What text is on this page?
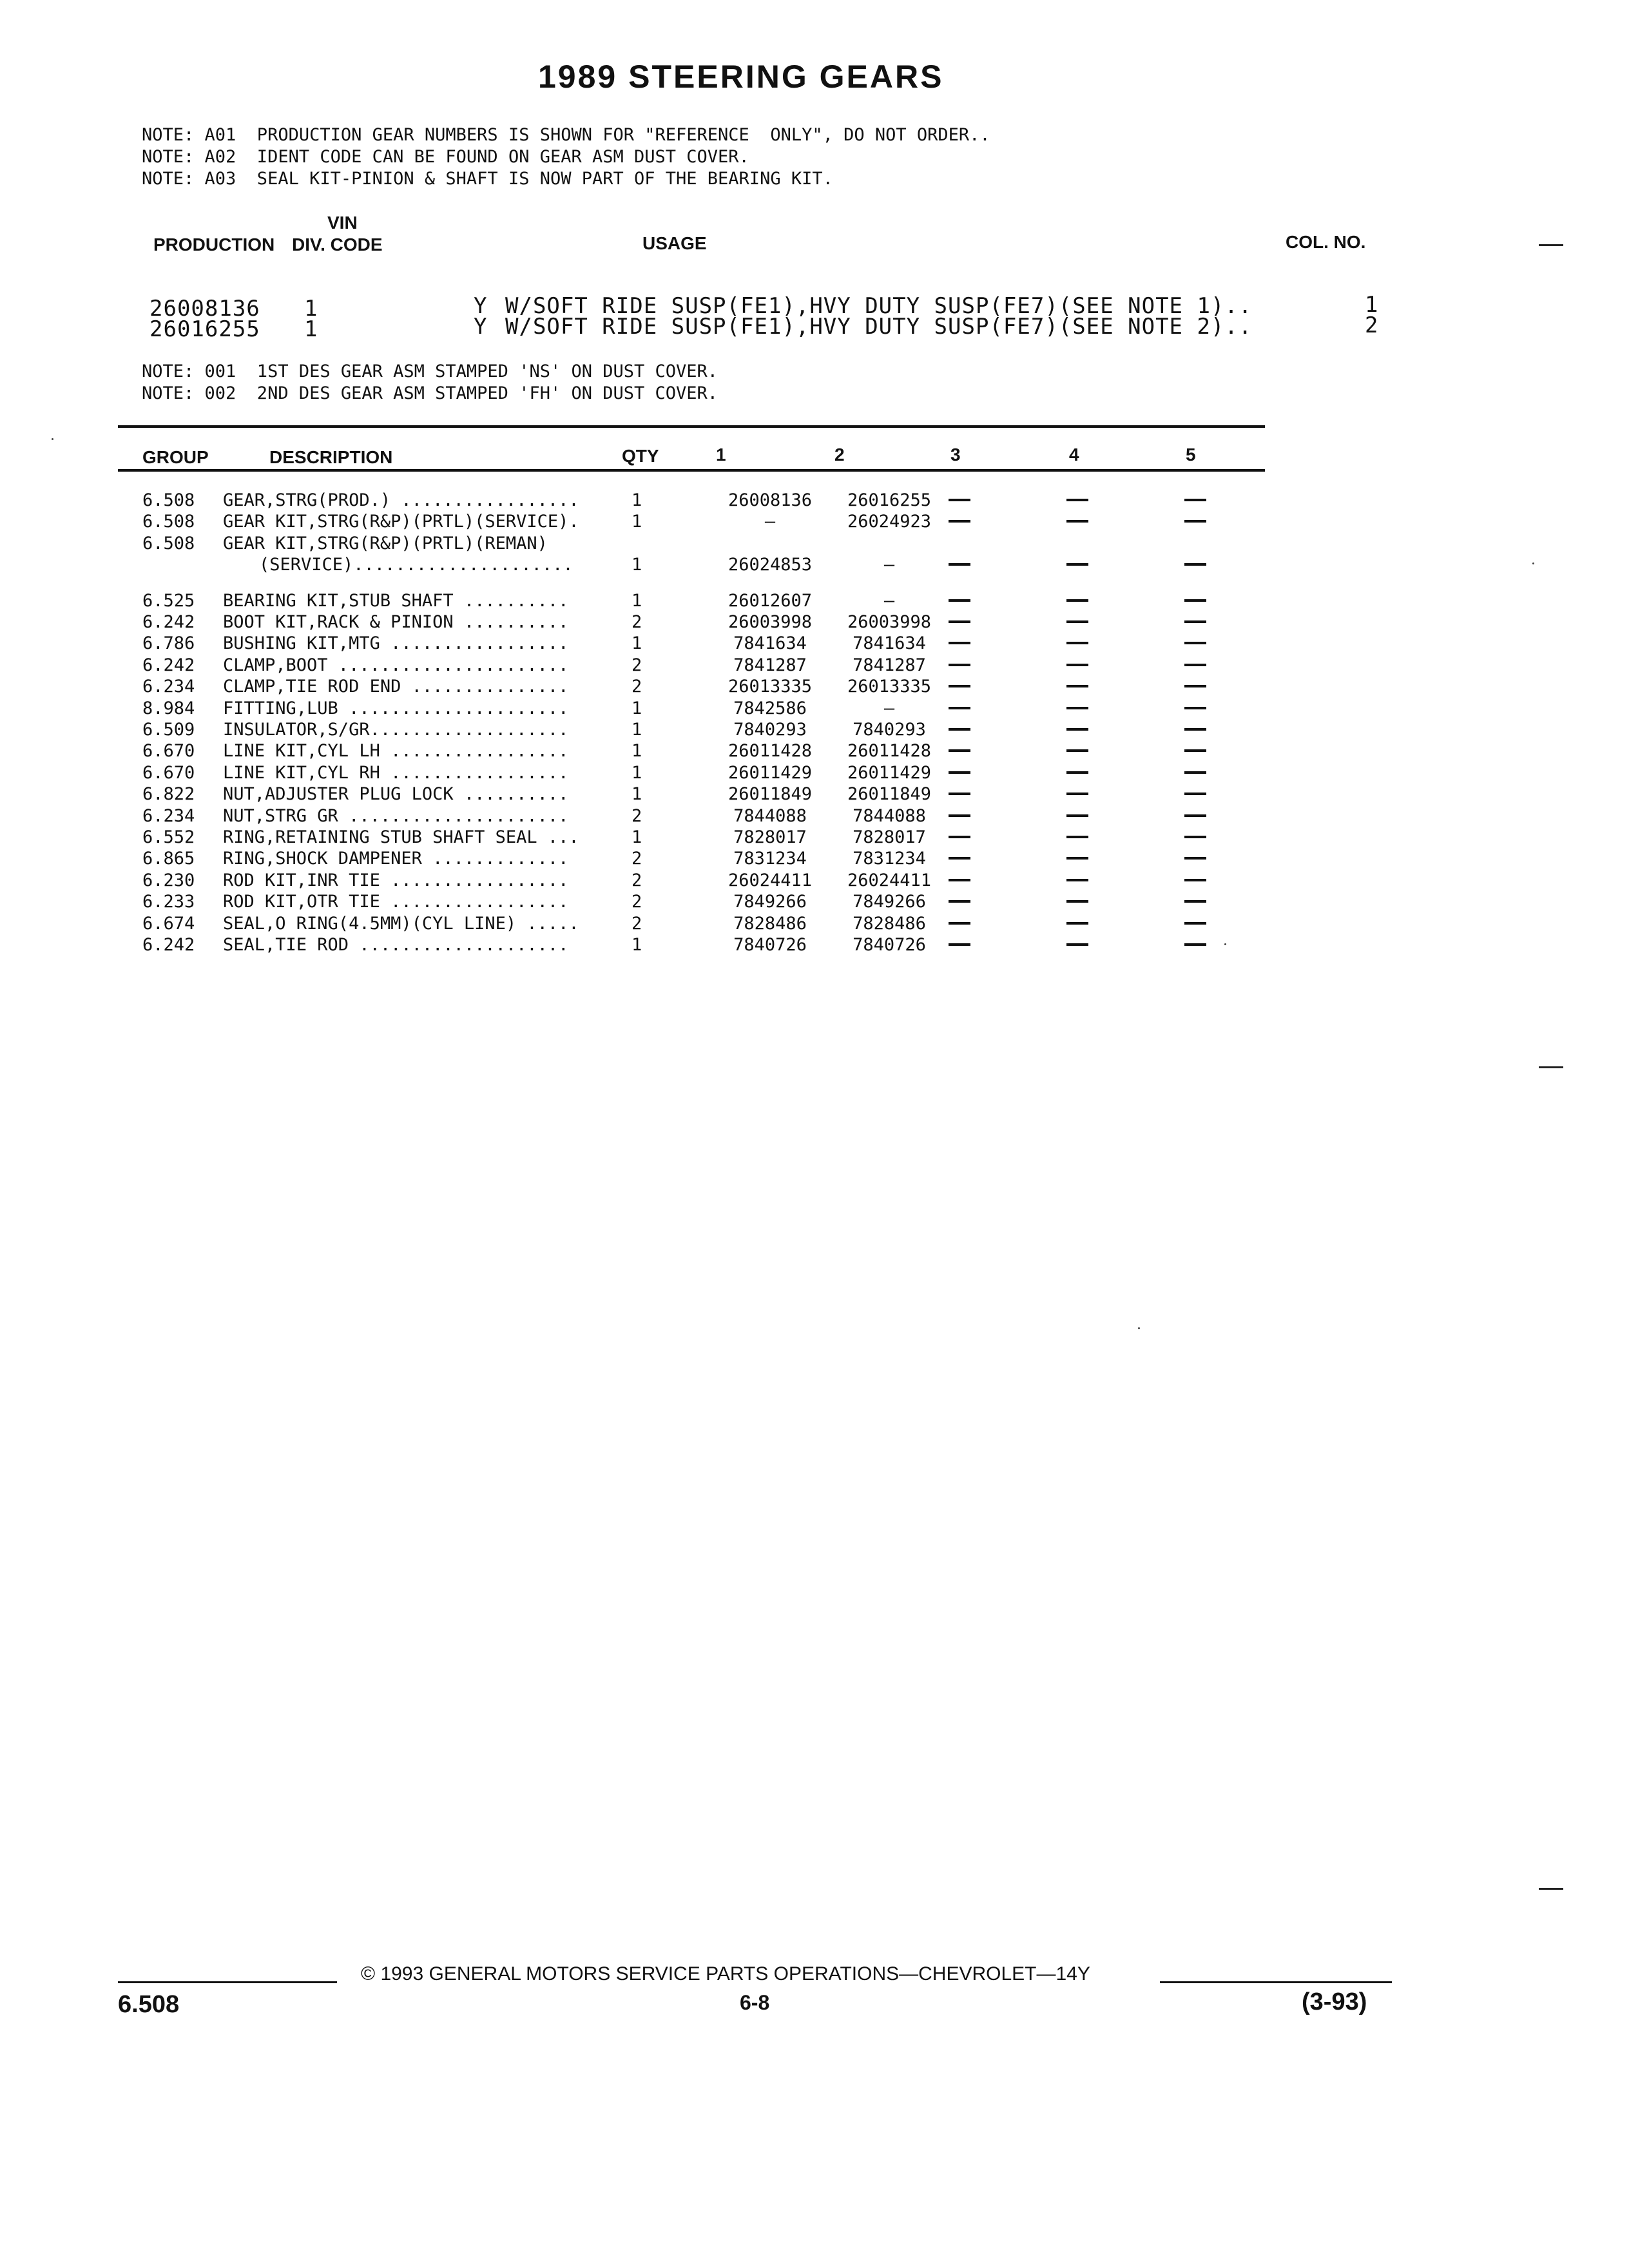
1989 STEERING GEARS
NOTE: A01  PRODUCTION GEAR NUMBERS IS SHOWN FOR "REFERENCE  ONLY", DO NOT ORDER..
NOTE: A02  IDENT CODE CAN BE FOUND ON GEAR ASM DUST COVER.
NOTE: A03  SEAL KIT-PINION & SHAFT IS NOW PART OF THE BEARING KIT.
VIN
PRODUCTION DIV. CODE	USAGE	COL. NO.
26008136 1	Y W/SOFT RIDE SUSP(FE1),HVY DUTY SUSP(FE7)(SEE NOTE 1)..	1
26016255 1	Y W/SOFT RIDE SUSP(FE1),HVY DUTY SUSP(FE7)(SEE NOTE 2)..	2
NOTE: 001  1ST DES GEAR ASM STAMPED 'NS' ON DUST COVER.
NOTE: 002  2ND DES GEAR ASM STAMPED 'FH' ON DUST COVER.
GROUP	DESCRIPTION	QTY	1	2	3	4	5
6.508 GEAR,STRG(PROD.) .................	1	26008136	26016255
6.508 GEAR KIT,STRG(R&P)(PRTL)(SERVICE).	1	—	26024923
6.508 GEAR KIT,STRG(R&P)(PRTL)(REMAN)
(SERVICE).....................	1	26024853	—
6.525 BEARING KIT,STUB SHAFT ..........	1	26012607	—
6.242 BOOT KIT,RACK & PINION ..........	2	26003998	26003998
6.786 BUSHING KIT,MTG .................	1	7841634	7841634
6.242 CLAMP,BOOT ......................	2	7841287	7841287
6.234 CLAMP,TIE ROD END ...............	2	26013335	26013335
8.984 FITTING,LUB .....................	1	7842586	—
6.509 INSULATOR,S/GR...................	1	7840293	7840293
6.670 LINE KIT,CYL LH .................	1	26011428	26011428
6.670 LINE KIT,CYL RH .................	1	26011429	26011429
6.822 NUT,ADJUSTER PLUG LOCK ..........	1	26011849	26011849
6.234 NUT,STRG GR .....................	2	7844088	7844088
6.552 RING,RETAINING STUB SHAFT SEAL ...	1	7828017	7828017
6.865 RING,SHOCK DAMPENER .............	2	7831234	7831234
6.230 ROD KIT,INR TIE .................	2	26024411	26024411
6.233 ROD KIT,OTR TIE .................	2	7849266	7849266
6.674 SEAL,O RING(4.5MM)(CYL LINE) .....	2	7828486	7828486
6.242 SEAL,TIE ROD ....................	1	7840726	7840726
© 1993 GENERAL MOTORS SERVICE PARTS OPERATIONS—CHEVROLET—14Y
6.508	6-8	(3-93)
